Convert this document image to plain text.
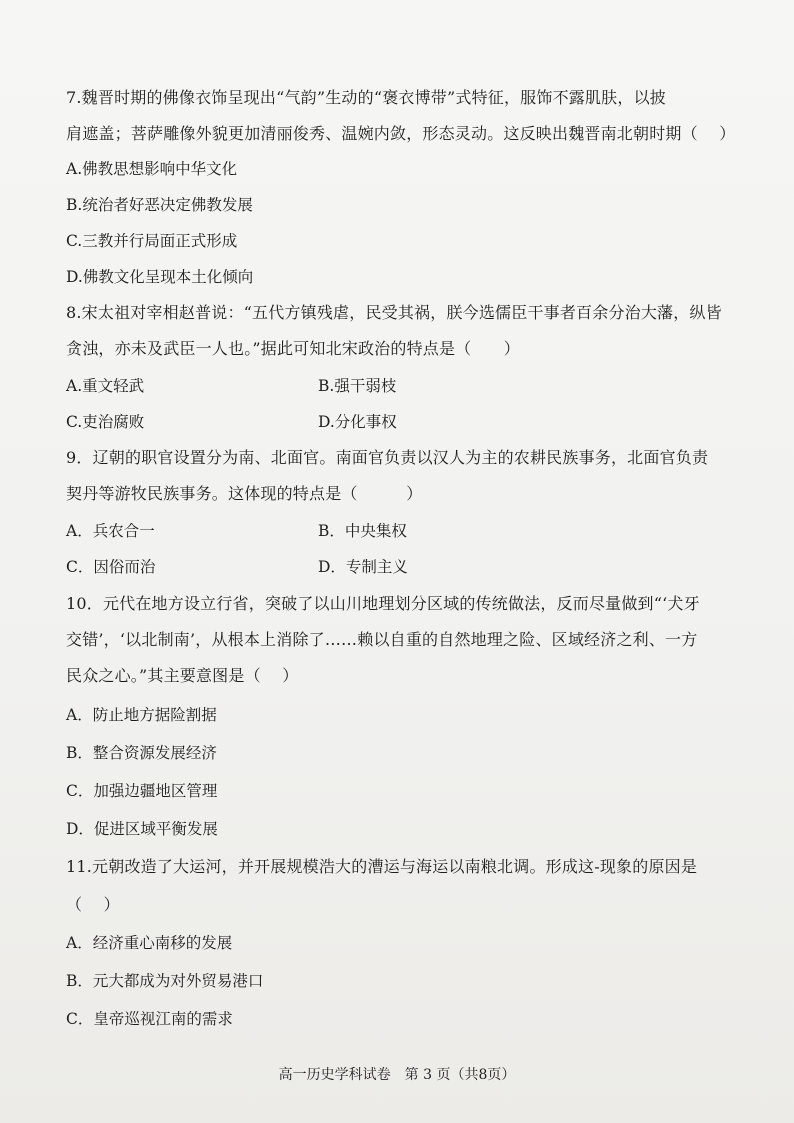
7.魏晋时期的佛像衣饰呈现出“气韵”生动的“褒衣博带”式特征，服饰不露肌肤，以披
肩遮盖；菩萨雕像外貌更加清丽俊秀、温婉内敛，形态灵动。这反映出魏晋南北朝时期（　 ）
A.佛教思想影响中华文化
B.统治者好恶决定佛教发展
C.三教并行局面正式形成
D.佛教文化呈现本土化倾向
8.宋太祖对宰相赵普说：“五代方镇残虐，民受其祸，朕今选儒臣干事者百余分治大藩，纵皆
贪浊，亦未及武臣一人也。”据此可知北宋政治的特点是（　　）
A.重文轻武	B.强干弱枝
C.吏治腐败	D.分化事权
9．辽朝的职官设置分为南、北面官。南面官负责以汉人为主的农耕民族事务，北面官负责
契丹等游牧民族事务。这体现的特点是（　　　）
A．兵农合一	B．中央集权
C．因俗而治	D．专制主义
10．元代在地方设立行省，突破了以山川地理划分区域的传统做法，反而尽量做到“‘犬牙
交错’，‘以北制南’，从根本上消除了……赖以自重的自然地理之险、区域经济之利、一方
民众之心。”其主要意图是（　 ）
A．防止地方据险割据
B．整合资源发展经济
C．加强边疆地区管理
D．促进区域平衡发展
11.元朝改造了大运河，并开展规模浩大的漕运与海运以南粮北调。形成这-现象的原因是
（　 ）
A．经济重心南移的发展
B．元大都成为对外贸易港口
C．皇帝巡视江南的需求
高一历史学科试卷　第 3 页（共8页）
